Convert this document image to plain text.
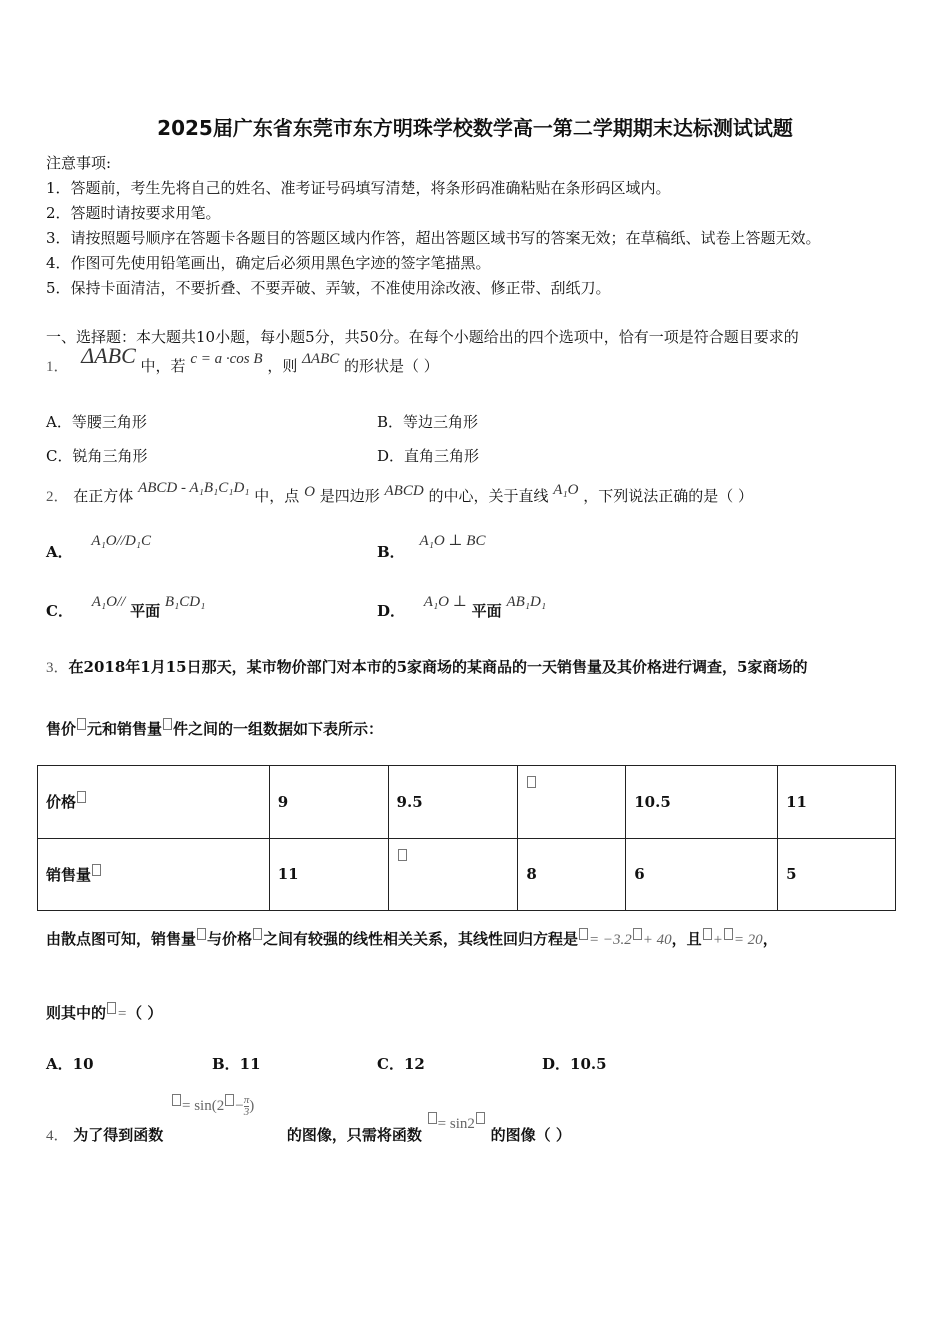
2025届广东省东莞市东方明珠学校数学高一第二学期期末达标测试试题
注意事项:
1．答题前，考生先将自己的姓名、准考证号码填写清楚，将条形码准确粘贴在条形码区域内。
2．答题时请按要求用笔。
3．请按照题号顺序在答题卡各题目的答题区域内作答，超出答题区域书写的答案无效；在草稿纸、试卷上答题无效。
4．作图可先使用铅笔画出，确定后必须用黑色字迹的签字笔描黑。
5．保持卡面清洁，不要折叠、不要弄破、弄皱，不准使用涂改液、修正带、刮纸刀。
一、选择题：本大题共10小题，每小题5分，共50分。在每个小题给出的四个选项中，恰有一项是符合题目要求的
1． ΔABC 中，若 c = a ·cos B ，则 ΔABC 的形状是（ ）
A．等腰三角形	B．等边三角形
C．锐角三角形	D．直角三角形
2． 在正方体 ABCD - A₁B₁C₁D₁ 中，点 O 是四边形 ABCD 的中心，关于直线 A₁O ，下列说法正确的是（ ）
A． A₁O//D₁C
B． A₁O ⊥ BC
C． A₁O// 平面 B₁CD₁	D． A₁O ⊥ 平面 AB₁D₁
3．在2018年1月15日那天，某市物价部门对本市的5家商场的某商品的一天销售量及其价格进行调查，5家商场的
售价 元和销售量 件之间的一组数据如下表所示：
价格	9	9.5		10.5	11
销售量	11		8	6	5
由散点图可知，销售量 与价格 之间有较强的线性相关关系，其线性回归方程是 = −3.2 + 40，且 + = 20，
则其中的 =（ ）
A．10	B．11	C．12	D．10.5
= $\sin(2 - \frac{\pi}{3}$ )
4． 为了得到函数	的图像，只需将函数 = sin2 的图像（ ）
